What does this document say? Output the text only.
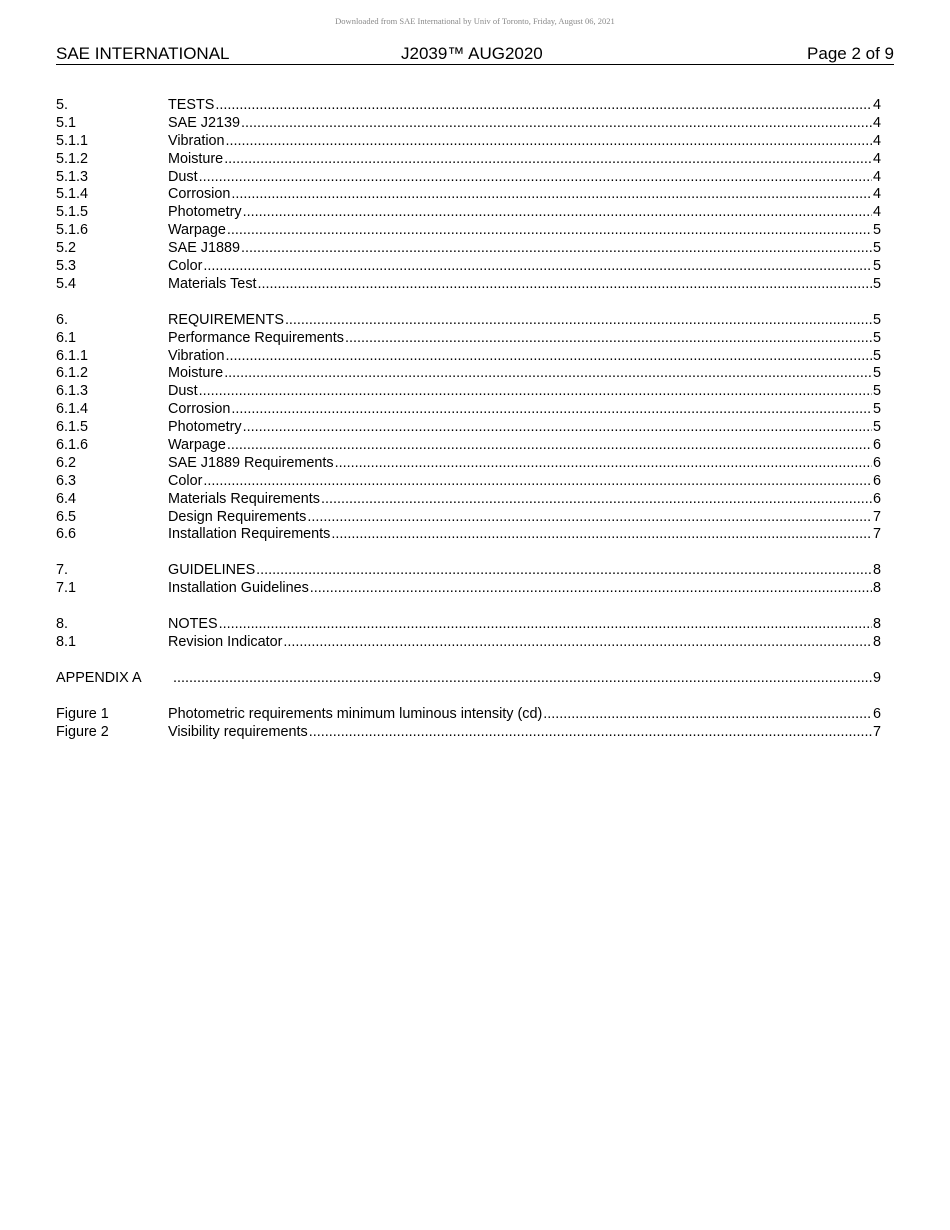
Downloaded from SAE International by Univ of Toronto, Friday, August 06, 2021
SAE INTERNATIONAL	J2039™ AUG2020	Page 2 of 9
5.	TESTS .....	4
5.1	SAE J2139 .....	4
5.1.1	Vibration .....	4
5.1.2	Moisture .....	4
5.1.3	Dust .....	4
5.1.4	Corrosion .....	4
5.1.5	Photometry .....	4
5.1.6	Warpage .....	5
5.2	SAE J1889 .....	5
5.3	Color .....	5
5.4	Materials Test .....	5
6.	REQUIREMENTS .....	5
6.1	Performance Requirements .....	5
6.1.1	Vibration .....	5
6.1.2	Moisture .....	5
6.1.3	Dust .....	5
6.1.4	Corrosion .....	5
6.1.5	Photometry .....	5
6.1.6	Warpage .....	6
6.2	SAE J1889 Requirements .....	6
6.3	Color .....	6
6.4	Materials Requirements .....	6
6.5	Design Requirements .....	7
6.6	Installation Requirements .....	7
7.	GUIDELINES .....	8
7.1	Installation Guidelines .....	8
8.	NOTES .....	8
8.1	Revision Indicator .....	8
APPENDIX A .....	9
Figure 1	Photometric requirements minimum luminous intensity (cd) .....	6
Figure 2	Visibility requirements .....	7
